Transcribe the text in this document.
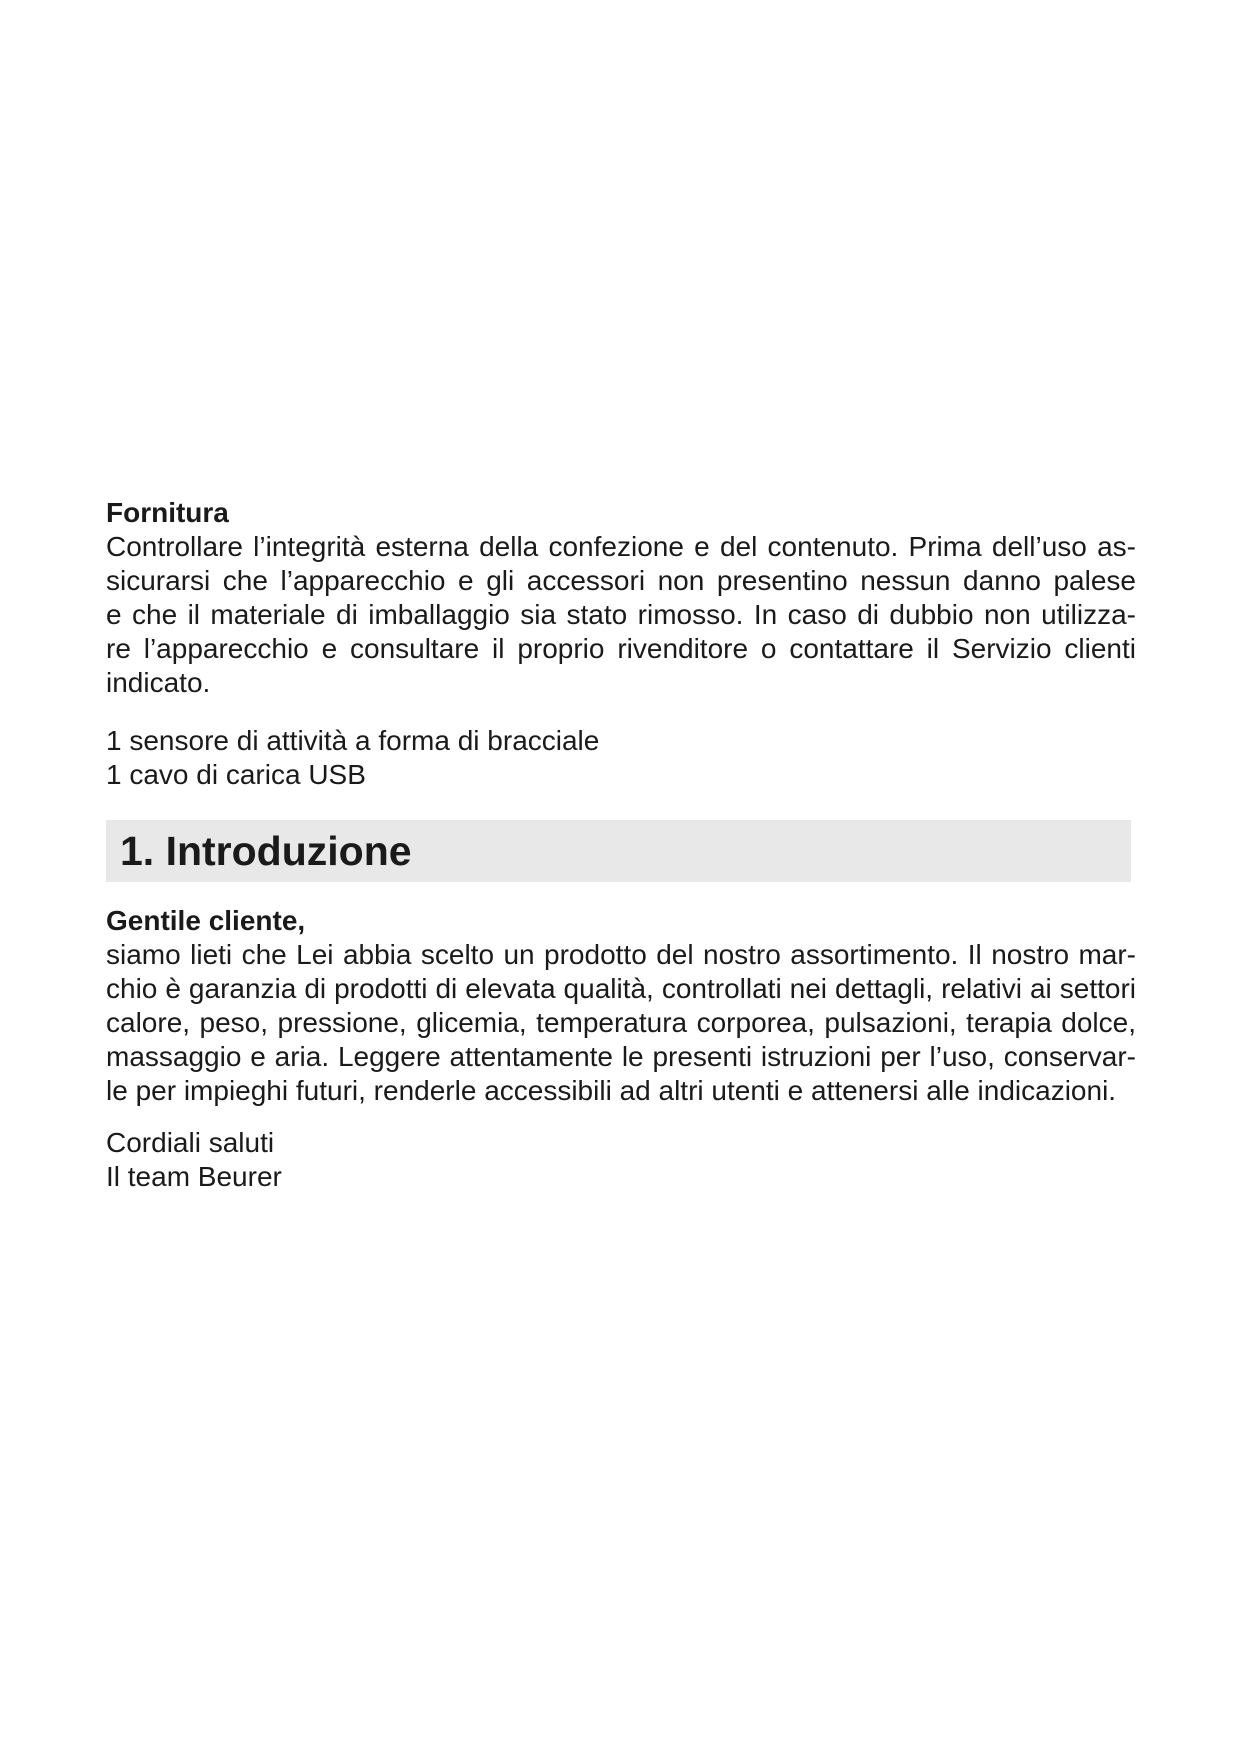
Fornitura
Controllare l’integrità esterna della confezione e del contenuto. Prima dell’uso as-
sicurarsi che l’apparecchio e gli accessori non presentino nessun danno palese
e che il materiale di imballaggio sia stato rimosso. In caso di dubbio non utilizza-
re l’apparecchio e consultare il proprio rivenditore o contattare il Servizio clienti
indicato.
1 sensore di attività a forma di bracciale
1 cavo di carica USB
1. Introduzione
Gentile cliente,
siamo lieti che Lei abbia scelto un prodotto del nostro assortimento. Il nostro mar-
chio è garanzia di prodotti di elevata qualità, controllati nei dettagli, relativi ai settori
calore, peso, pressione, glicemia, temperatura corporea, pulsazioni, terapia dolce,
massaggio e aria. Leggere attentamente le presenti istruzioni per l’uso, conservar-
le per impieghi futuri, renderle accessibili ad altri utenti e attenersi alle indicazioni.
Cordiali saluti
Il team Beurer
